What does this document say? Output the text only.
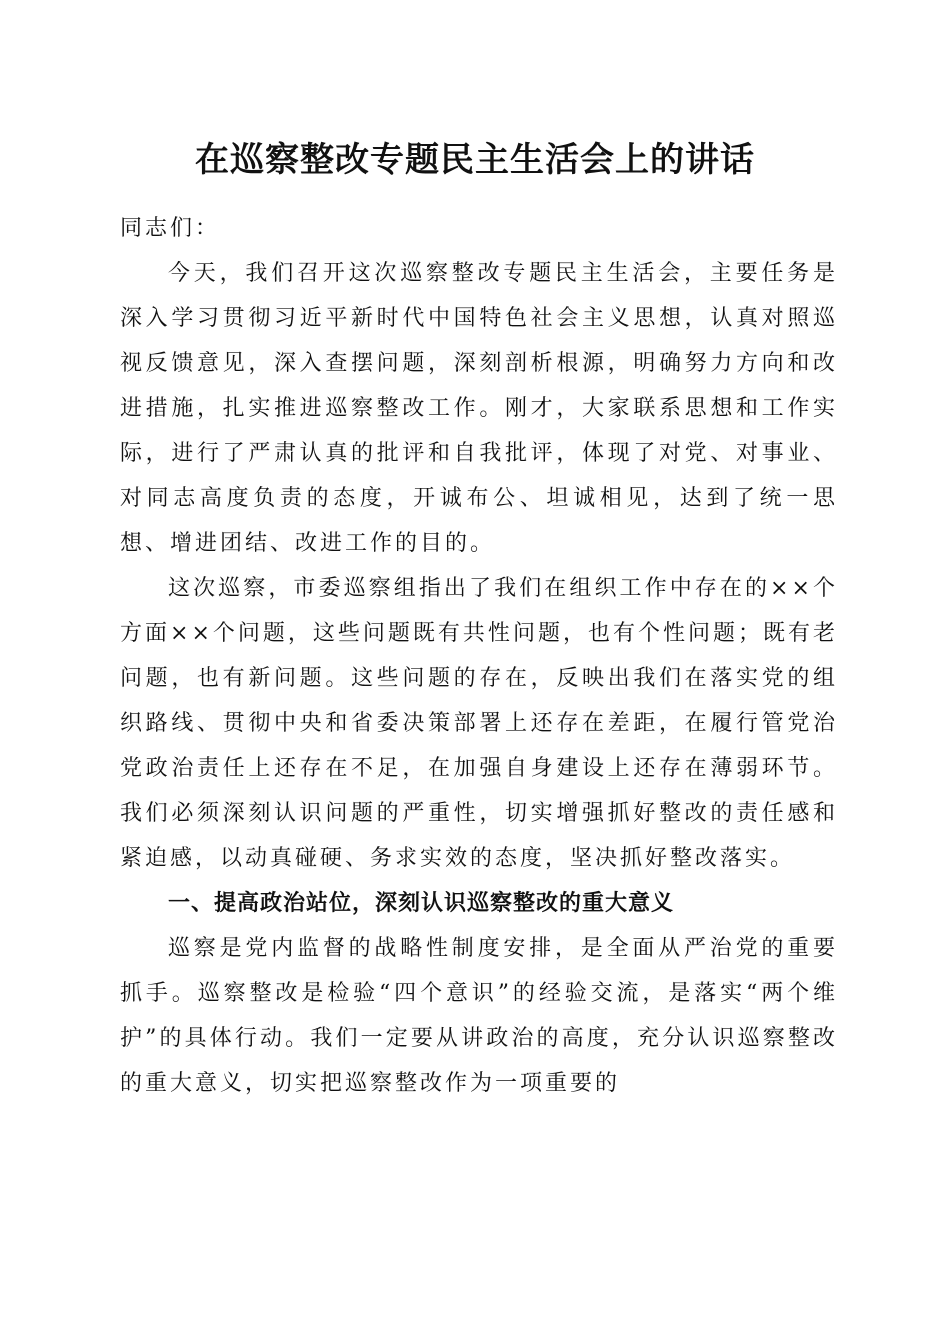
在巡察整改专题民主生活会上的讲话

同志们：

今天，我们召开这次巡察整改专题民主生活会，主要任务是深入学习贯彻习近平新时代中国特色社会主义思想，认真对照巡视反馈意见，深入查摆问题，深刻剖析根源，明确努力方向和改进措施，扎实推进巡察整改工作。刚才，大家联系思想和工作实际，进行了严肃认真的批评和自我批评，体现了对党、对事业、对同志高度负责的态度，开诚布公、坦诚相见，达到了统一思想、增进团结、改进工作的目的。

这次巡察，市委巡察组指出了我们在组织工作中存在的××个方面××个问题，这些问题既有共性问题，也有个性问题；既有老问题，也有新问题。这些问题的存在，反映出我们在落实党的组织路线、贯彻中央和省委决策部署上还存在差距，在履行管党治党政治责任上还存在不足，在加强自身建设上还存在薄弱环节。我们必须深刻认识问题的严重性，切实增强抓好整改的责任感和紧迫感，以动真碰硬、务求实效的态度，坚决抓好整改落实。

一、提高政治站位，深刻认识巡察整改的重大意义

巡察是党内监督的战略性制度安排，是全面从严治党的重要抓手。巡察整改是检验“四个意识”的经验交流，是落实“两个维护”的具体行动。我们一定要从讲政治的高度，充分认识巡察整改的重大意义，切实把巡察整改作为一项重要的
